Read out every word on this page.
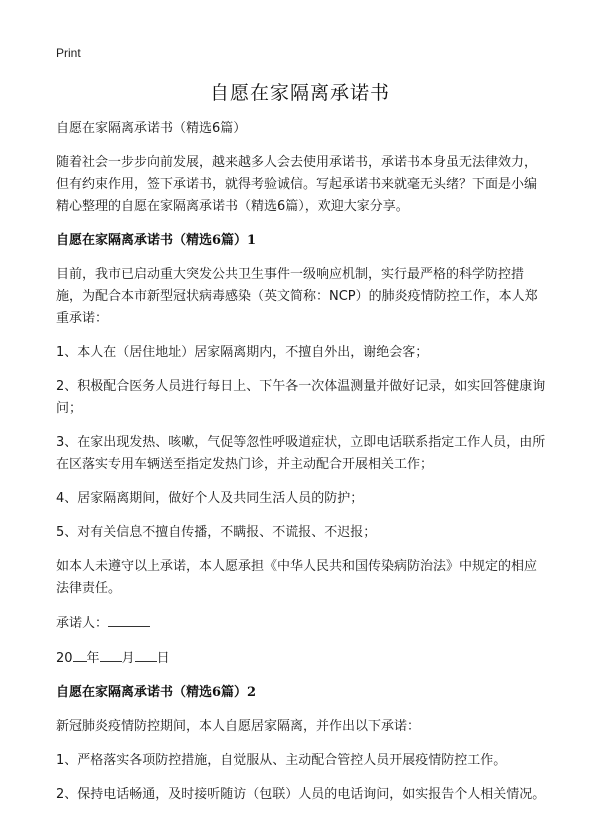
Print
自愿在家隔离承诺书

自愿在家隔离承诺书（精选6篇）

随着社会一步步向前发展，越来越多人会去使用承诺书，承诺书本身虽无法律效力，但有约束作用，签下承诺书，就得考验诚信。写起承诺书来就毫无头绪？下面是小编精心整理的自愿在家隔离承诺书（精选6篇），欢迎大家分享。

自愿在家隔离承诺书（精选6篇）1

目前，我市已启动重大突发公共卫生事件一级响应机制，实行最严格的科学防控措施，为配合本市新型冠状病毒感染（英文简称：NCP）的肺炎疫情防控工作，本人郑重承诺：

1、本人在（居住地址）居家隔离期内，不擅自外出，谢绝会客；

2、积极配合医务人员进行每日上、下午各一次体温测量并做好记录，如实回答健康询问；

3、在家出现发热、咳嗽，气促等忽性呼吸道症状，立即电话联系指定工作人员，由所在区落实专用车辆送至指定发热门诊，并主动配合开展相关工作；

4、居家隔离期间，做好个人及共同生活人员的防护；

5、对有关信息不擅自传播，不瞒报、不谎报、不迟报；

如本人未遵守以上承诺，本人愿承担《中华人民共和国传染病防治法》中规定的相应法律责任。

承诺人：

20 年 月 日

自愿在家隔离承诺书（精选6篇）2

新冠肺炎疫情防控期间，本人自愿居家隔离，并作出以下承诺：

1、严格落实各项防控措施，自觉服从、主动配合管控人员开展疫情防控工作。

2、保持电话畅通，及时接听随访（包联）人员的电话询问，如实报告个人相关情况。
